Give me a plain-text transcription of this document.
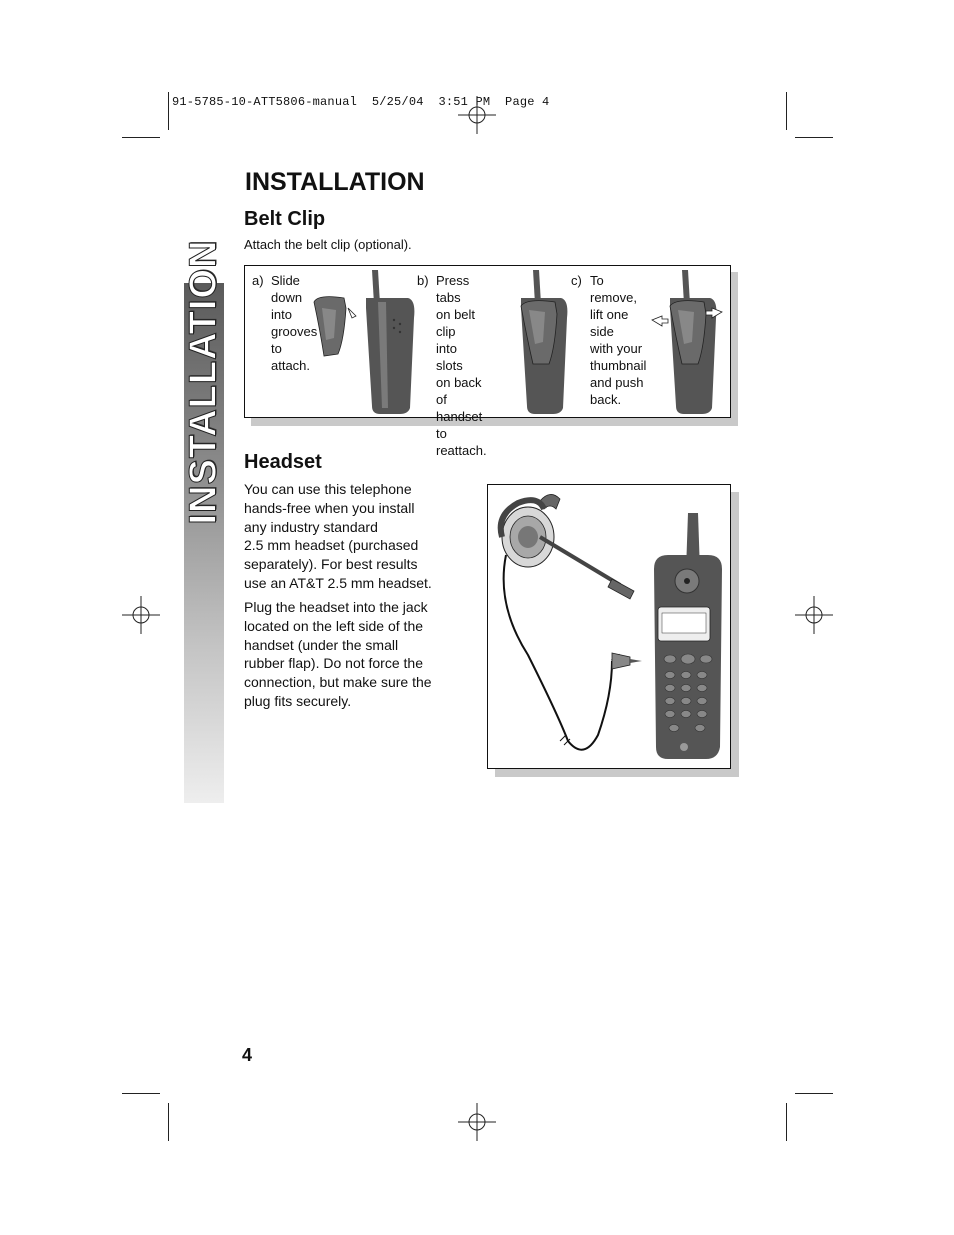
91-5785-10-ATT5806-manual  5/25/04  3:51 PM  Page 4
INSTALLATION
INSTALLATION
Belt Clip
Attach the belt clip (optional).
a) Slide
down
into
grooves
to attach.
b) Press tabs
on belt clip
into slots
on back of
handset to
reattach.
c) To remove,
lift one side
with your
thumbnail
and push
back.
Headset
You can use this telephone
hands-free when you install
any industry standard
2.5 mm headset (purchased
separately). For best results
use an AT&T 2.5 mm headset.
Plug the headset into the jack
located on the left side of the
handset (under the small
rubber flap). Do not force the
connection, but make sure the
plug fits securely.
4
